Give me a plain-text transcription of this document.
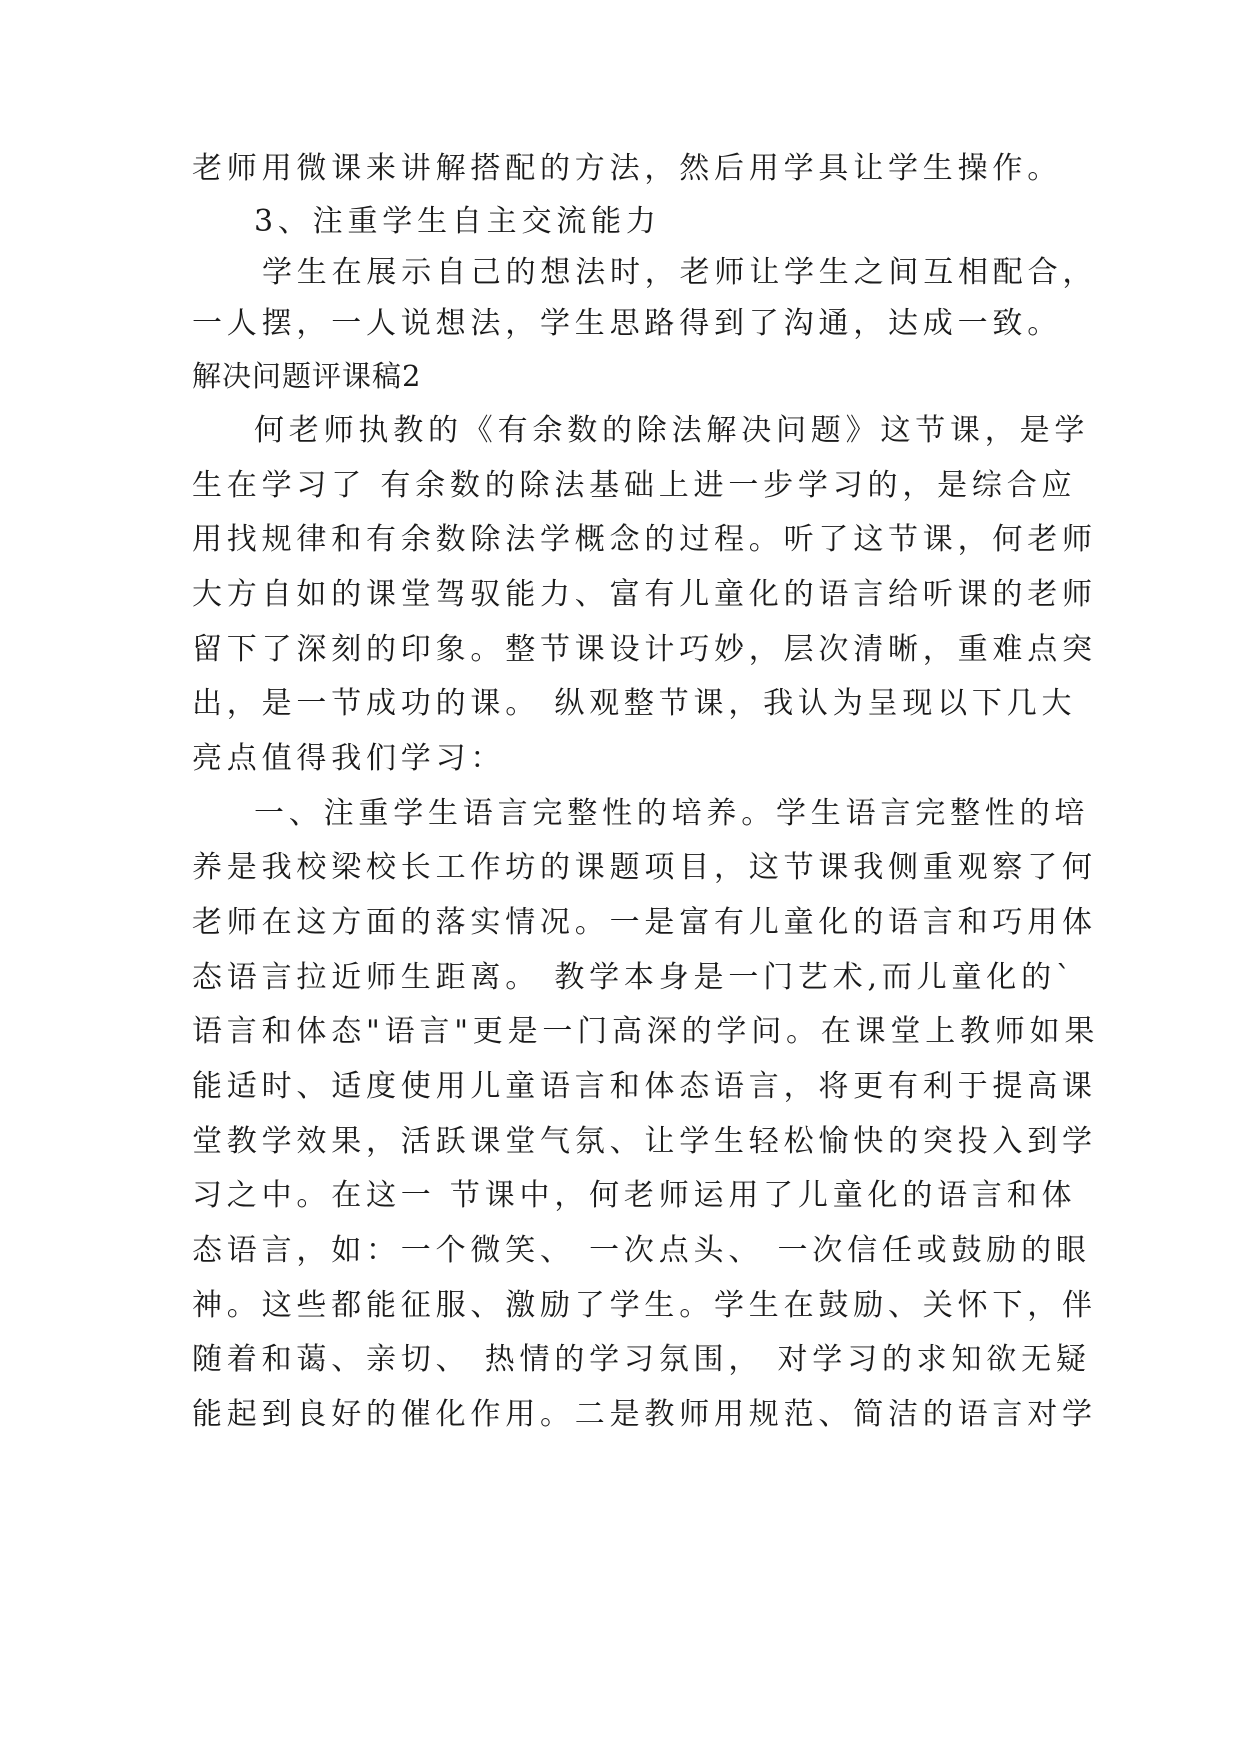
老师用微课来讲解搭配的方法，然后用学具让学生操作。

3、注重学生自主交流能力

学生在展示自己的想法时，老师让学生之间互相配合，

一人摆，一人说想法，学生思路得到了沟通，达成一致。

解决问题评课稿2

何老师执教的《有余数的除法解决问题》这节课，是学

生在学习了 有余数的除法基础上进一步学习的，是综合应

用找规律和有余数除法学概念的过程。听了这节课，何老师

大方自如的课堂驾驭能力、富有儿童化的语言给听课的老师

留下了深刻的印象。整节课设计巧妙，层次清晰，重难点突

出，是一节成功的课。 纵观整节课，我认为呈现以下几大

亮点值得我们学习：

一、注重学生语言完整性的培养。学生语言完整性的培

养是我校梁校长工作坊的课题项目，这节课我侧重观察了何

老师在这方面的落实情况。一是富有儿童化的语言和巧用体

态语言拉近师生距离。 教学本身是一门艺术,而儿童化的`

语言和体态"语言"更是一门高深的学问。在课堂上教师如果

能适时、适度使用儿童语言和体态语言，将更有利于提高课

堂教学效果，活跃课堂气氛、让学生轻松愉快的突投入到学

习之中。在这一 节课中，何老师运用了儿童化的语言和体

态语言，如：一个微笑、 一次点头、 一次信任或鼓励的眼

神。这些都能征服、激励了学生。学生在鼓励、关怀下，伴

随着和蔼、亲切、 热情的学习氛围， 对学习的求知欲无疑

能起到良好的催化作用。二是教师用规范、简洁的语言对学
